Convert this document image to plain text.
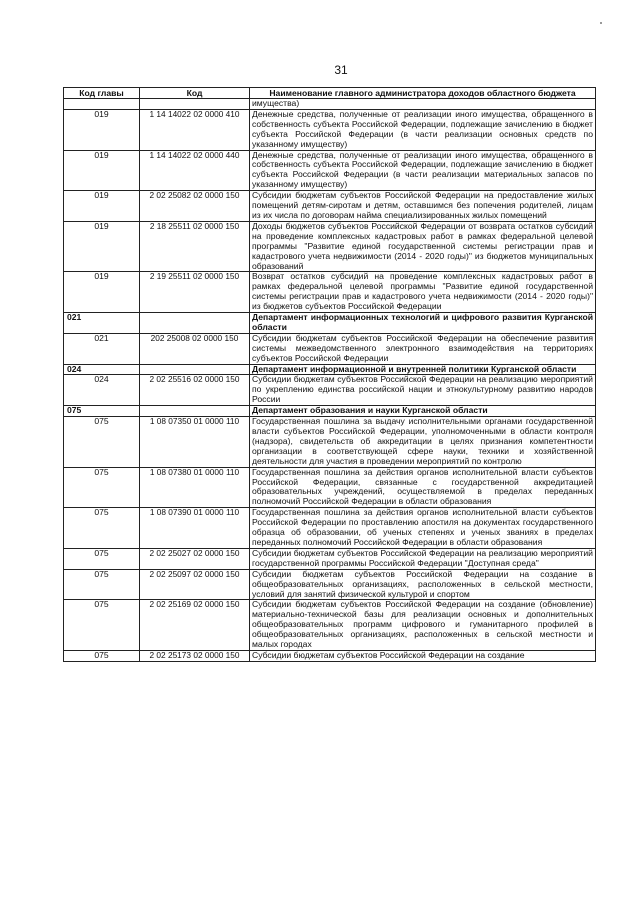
31
Код главы	Код	Наименование главного администратора доходов областного бюджета
		имущества)
019	1 14 14022 02 0000 410	Денежные средства, полученные от реализации иного имущества, обращенного в собственность субъекта Российской Федерации, подлежащие зачислению в бюджет субъекта Российской Федерации (в части реализации основных средств по указанному имуществу)
019	1 14 14022 02 0000 440	Денежные средства, полученные от реализации иного имущества, обращенного в собственность субъекта Российской Федерации, подлежащие зачислению в бюджет субъекта Российской Федерации (в части реализации материальных запасов по указанному имуществу)
019	2 02 25082 02 0000 150	Субсидии бюджетам субъектов Российской Федерации на предоставление жилых помещений детям-сиротам и детям, оставшимся без попечения родителей, лицам из их числа по договорам найма специализированных жилых помещений
019	2 18 25511 02 0000 150	Доходы бюджетов субъектов Российской Федерации от возврата остатков субсидий на проведение комплексных кадастровых работ в рамках федеральной целевой программы "Развитие единой государственной системы регистрации прав и кадастрового учета недвижимости (2014 - 2020 годы)" из бюджетов муниципальных образований
019	2 19 25511 02 0000 150	Возврат остатков субсидий на проведение комплексных кадастровых работ в рамках федеральной целевой программы "Развитие единой государственной системы регистрации прав и кадастрового учета недвижимости (2014 - 2020 годы)" из бюджетов субъектов Российской Федерации
021		Департамент информационных технологий и цифрового развития Курганской области
021	202 25008 02 0000 150	Субсидии бюджетам субъектов Российской Федерации на обеспечение развития системы межведомственного электронного взаимодействия на территориях субъектов Российской Федерации
024		Департамент информационной и внутренней политики Курганской области
024	2 02 25516 02 0000 150	Субсидии бюджетам субъектов Российской Федерации на реализацию мероприятий по укреплению единства российской нации и этнокультурному развитию народов России
075		Департамент образования и науки Курганской области
075	1 08 07350 01 0000 110	Государственная пошлина за выдачу исполнительными органами государственной власти субъектов Российской Федерации, уполномоченными в области контроля (надзора), свидетельств об аккредитации в целях признания компетентности организации в соответствующей сфере науки, техники и хозяйственной деятельности для участия в проведении мероприятий по контролю
075	1 08 07380 01 0000 110	Государственная пошлина за действия органов исполнительной власти субъектов Российской Федерации, связанные с государственной аккредитацией образовательных учреждений, осуществляемой в пределах переданных полномочий Российской Федерации в области образования
075	1 08 07390 01 0000 110	Государственная пошлина за действия органов исполнительной власти субъектов Российской Федерации по проставлению апостиля на документах государственного образца об образовании, об ученых степенях и ученых званиях в пределах переданных полномочий Российской Федерации в области образования
075	2 02 25027 02 0000 150	Субсидии бюджетам субъектов Российской Федерации на реализацию мероприятий государственной программы Российской Федерации "Доступная среда"
075	2 02 25097 02 0000 150	Субсидии бюджетам субъектов Российской Федерации на создание в общеобразовательных организациях, расположенных в сельской местности, условий для занятий физической культурой и спортом
075	2 02 25169 02 0000 150	Субсидии бюджетам субъектов Российской Федерации на создание (обновление) материально-технической базы для реализации основных и дополнительных общеобразовательных программ цифрового и гуманитарного профилей в общеобразовательных организациях, расположенных в сельской местности и малых городах
075	2 02 25173 02 0000 150	Субсидии бюджетам субъектов Российской Федерации на создание
